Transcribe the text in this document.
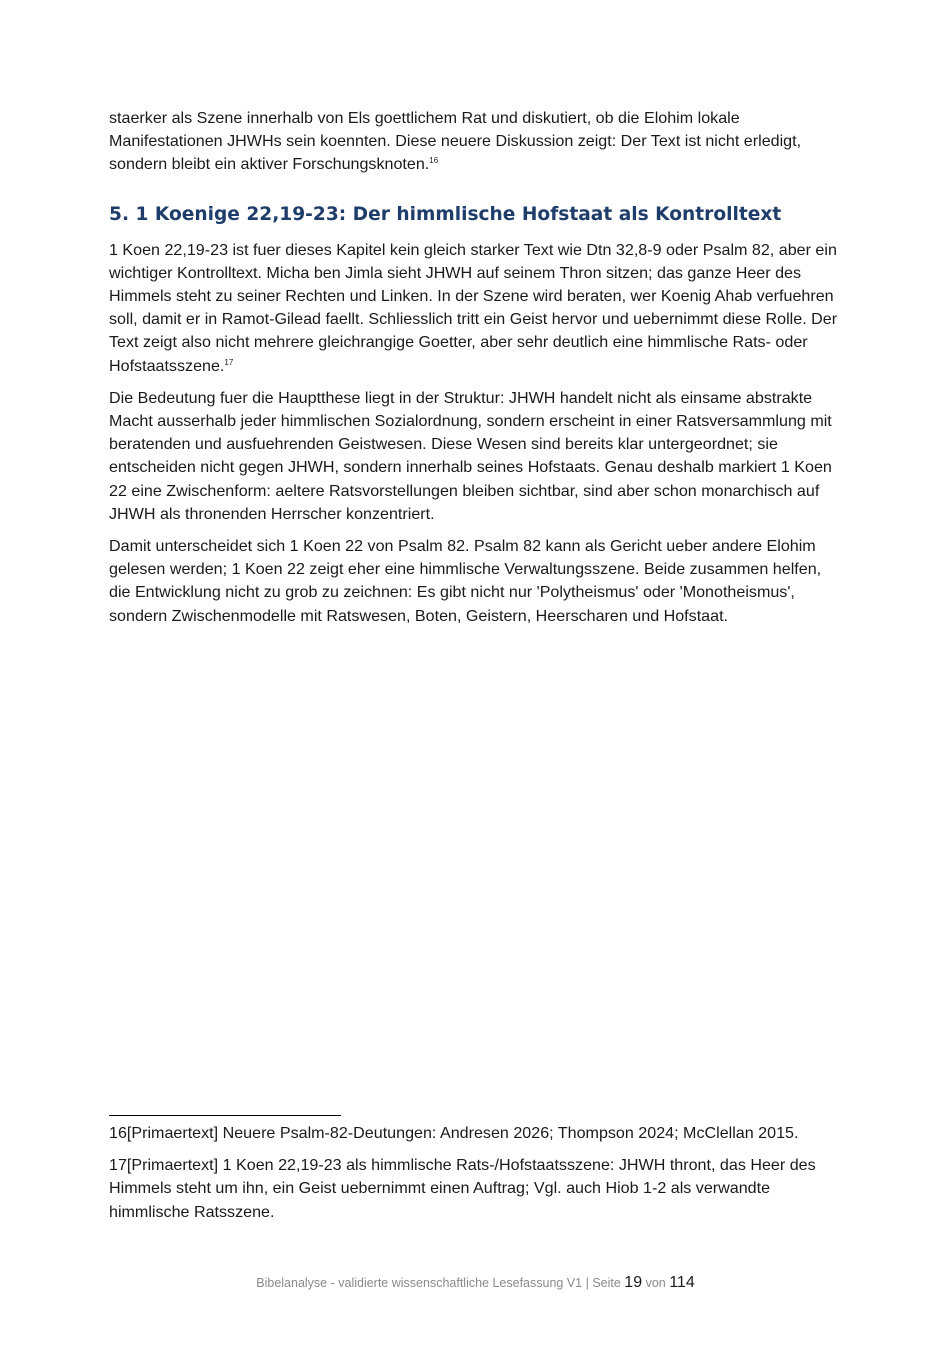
staerker als Szene innerhalb von Els goettlichem Rat und diskutiert, ob die Elohim lokale Manifestationen JHWHs sein koennten. Diese neuere Diskussion zeigt: Der Text ist nicht erledigt, sondern bleibt ein aktiver Forschungsknoten.$^{16}$

5. 1 Koenige 22,19-23: Der himmlische Hofstaat als Kontrolltext

1 Koen 22,19-23 ist fuer dieses Kapitel kein gleich starker Text wie Dtn 32,8-9 oder Psalm 82, aber ein wichtiger Kontrolltext. Micha ben Jimla sieht JHWH auf seinem Thron sitzen; das ganze Heer des Himmels steht zu seiner Rechten und Linken. In der Szene wird beraten, wer Koenig Ahab verfuehren soll, damit er in Ramot-Gilead faellt. Schliesslich tritt ein Geist hervor und uebernimmt diese Rolle. Der Text zeigt also nicht mehrere gleichrangige Goetter, aber sehr deutlich eine himmlische Rats- oder Hofstaatsszene.$^{17}$

Die Bedeutung fuer die Hauptthese liegt in der Struktur: JHWH handelt nicht als einsame abstrakte Macht ausserhalb jeder himmlischen Sozialordnung, sondern erscheint in einer Ratsversammlung mit beratenden und ausfuehrenden Geistwesen. Diese Wesen sind bereits klar untergeordnet; sie entscheiden nicht gegen JHWH, sondern innerhalb seines Hofstaats. Genau deshalb markiert 1 Koen 22 eine Zwischenform: aeltere Ratsvorstellungen bleiben sichtbar, sind aber schon monarchisch auf JHWH als thronenden Herrscher konzentriert.

Damit unterscheidet sich 1 Koen 22 von Psalm 82. Psalm 82 kann als Gericht ueber andere Elohim gelesen werden; 1 Koen 22 zeigt eher eine himmlische Verwaltungsszene. Beide zusammen helfen, die Entwicklung nicht zu grob zu zeichnen: Es gibt nicht nur 'Polytheismus' oder 'Monotheismus', sondern Zwischenmodelle mit Ratswesen, Boten, Geistern, Heerscharen und Hofstaat.

16[Primaertext] Neuere Psalm-82-Deutungen: Andresen 2026; Thompson 2024; McClellan 2015.

17[Primaertext] 1 Koen 22,19-23 als himmlische Rats-/Hofstaatsszene: JHWH thront, das Heer des Himmels steht um ihn, ein Geist uebernimmt einen Auftrag; Vgl. auch Hiob 1-2 als verwandte himmlische Ratsszene.

Bibelanalyse - validierte wissenschaftliche Lesefassung V1 | Seite 19 von 114
